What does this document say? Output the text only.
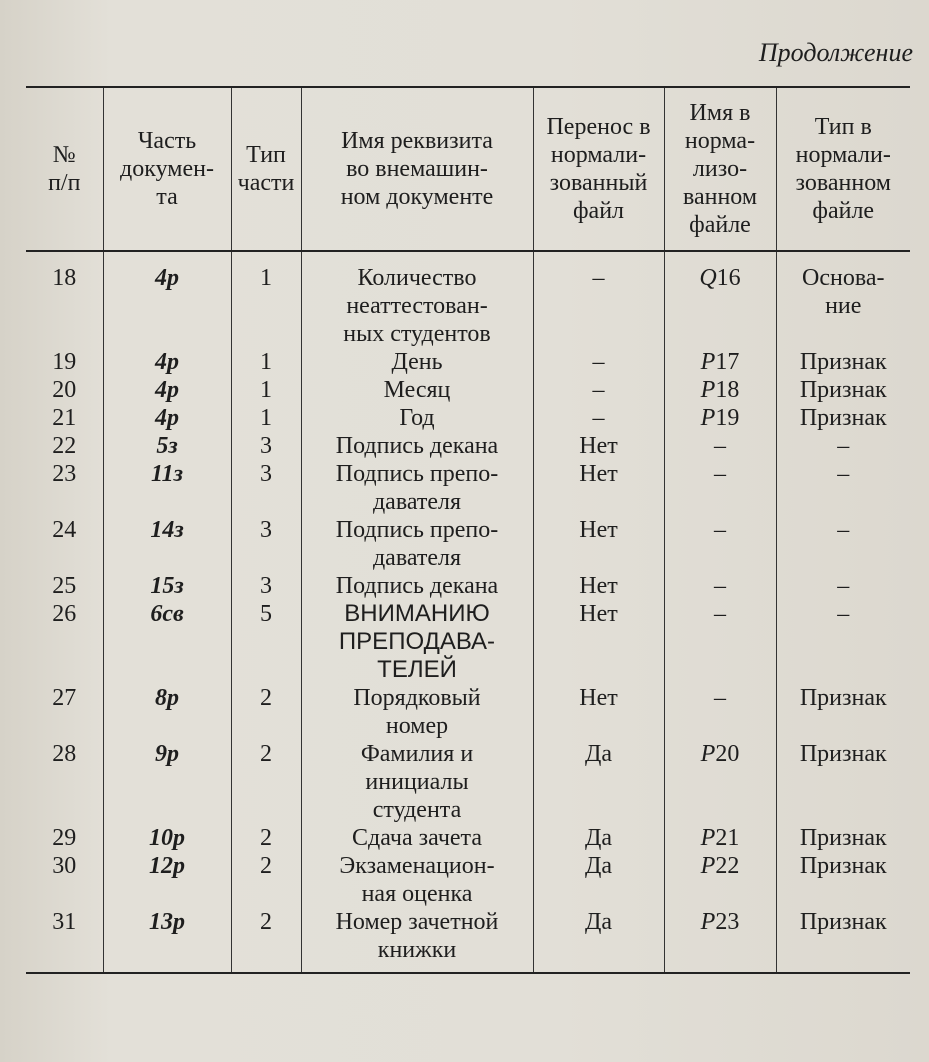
Продолжение
№
п/п	Часть
докумен-
та	Тип
части	Имя реквизита
во внемашин-
ном документе	Перенос в
нормали-
зованный
файл	Имя в
норма-
лизо-
ванном
файле	Тип в
нормали-
зованном
файле
18	4р	1	Количество
неаттестован-
ных студентов	–	Q16	Основа-
ние
19	4р	1	День	–	P17	Признак
20	4р	1	Месяц	–	P18	Признак
21	4р	1	Год	–	P19	Признак
22	5з	3	Подпись декана	Нет	–	–
23	11з	3	Подпись препо-
давателя	Нет	–	–
24	14з	3	Подпись препо-
давателя	Нет	–	–
25	15з	3	Подпись декана	Нет	–	–
26	6св	5	ВНИМАНИЮ
ПРЕПОДАВА-
ТЕЛЕЙ	Нет	–	–
27	8р	2	Порядковый
номер	Нет	–	Признак
28	9р	2	Фамилия и
инициалы
студента	Да	P20	Признак
29	10р	2	Сдача зачета	Да	P21	Признак
30	12р	2	Экзаменацион-
ная оценка	Да	P22	Признак
31	13р	2	Номер зачетной
книжки	Да	P23	Признак
